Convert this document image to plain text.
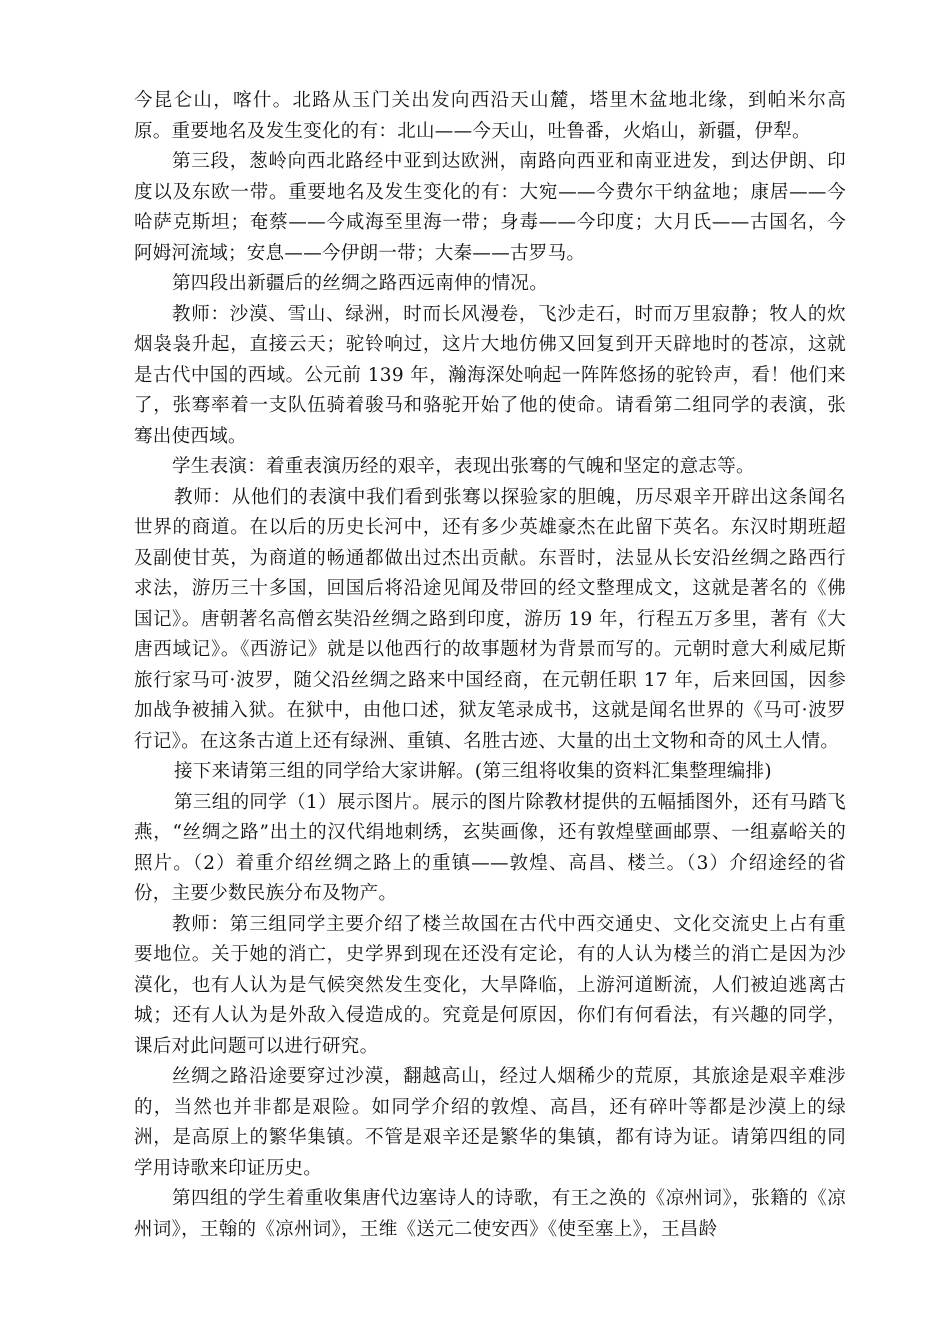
今昆仑山，喀什。北路从玉门关出发向西沿天山麓，塔里木盆地北缘，到帕米尔高原。重要地名及发生变化的有：北山——今天山，吐鲁番，火焰山，新疆，伊犁。

第三段，葱岭向西北路经中亚到达欧洲，南路向西亚和南亚进发，到达伊朗、印度以及东欧一带。重要地名及发生变化的有：大宛——今费尔干纳盆地；康居——今哈萨克斯坦；奄蔡——今咸海至里海一带；身毒——今印度；大月氏——古国名，今阿姆河流域；安息——今伊朗一带；大秦——古罗马。

第四段出新疆后的丝绸之路西远南伸的情况。

教师：沙漠、雪山、绿洲，时而长风漫卷，飞沙走石，时而万里寂静；牧人的炊烟袅袅升起，直接云天；驼铃响过，这片大地仿佛又回复到开天辟地时的苍凉，这就是古代中国的西域。公元前 139 年，瀚海深处响起一阵阵悠扬的驼铃声，看！他们来了，张骞率着一支队伍骑着骏马和骆驼开始了他的使命。请看第二组同学的表演，张骞出使西域。

学生表演：着重表演历经的艰辛，表现出张骞的气魄和坚定的意志等。

教师：从他们的表演中我们看到张骞以探验家的胆魄，历尽艰辛开辟出这条闻名世界的商道。在以后的历史长河中，还有多少英雄豪杰在此留下英名。东汉时期班超及副使甘英，为商道的畅通都做出过杰出贡献。东晋时，法显从长安沿丝绸之路西行求法，游历三十多国，回国后将沿途见闻及带回的经文整理成文，这就是著名的《佛国记》。唐朝著名高僧玄奘沿丝绸之路到印度，游历 19 年，行程五万多里，著有《大唐西域记》。《西游记》就是以他西行的故事题材为背景而写的。元朝时意大利威尼斯旅行家马可·波罗，随父沿丝绸之路来中国经商，在元朝任职 17 年，后来回国，因参加战争被捕入狱。在狱中，由他口述，狱友笔录成书，这就是闻名世界的《马可·波罗行记》。在这条古道上还有绿洲、重镇、名胜古迹、大量的出土文物和奇的风土人情。

接下来请第三组的同学给大家讲解。(第三组将收集的资料汇集整理编排)

第三组的同学（1）展示图片。展示的图片除教材提供的五幅插图外，还有马踏飞燕，“丝绸之路”出土的汉代绢地刺绣，玄奘画像，还有敦煌壁画邮票、一组嘉峪关的照片。（2）着重介绍丝绸之路上的重镇——敦煌、高昌、楼兰。（3）介绍途经的省份，主要少数民族分布及物产。

教师：第三组同学主要介绍了楼兰故国在古代中西交通史、文化交流史上占有重要地位。关于她的消亡，史学界到现在还没有定论，有的人认为楼兰的消亡是因为沙漠化，也有人认为是气候突然发生变化，大旱降临，上游河道断流，人们被迫逃离古城；还有人认为是外敌入侵造成的。究竟是何原因，你们有何看法，有兴趣的同学，课后对此问题可以进行研究。

丝绸之路沿途要穿过沙漠，翻越高山，经过人烟稀少的荒原，其旅途是艰辛难涉的，当然也并非都是艰险。如同学介绍的敦煌、高昌，还有碎叶等都是沙漠上的绿洲，是高原上的繁华集镇。不管是艰辛还是繁华的集镇，都有诗为证。请第四组的同学用诗歌来印证历史。

第四组的学生着重收集唐代边塞诗人的诗歌，有王之涣的《凉州词》，张籍的《凉州词》，王翰的《凉州词》，王维《送元二使安西》《使至塞上》，王昌龄
